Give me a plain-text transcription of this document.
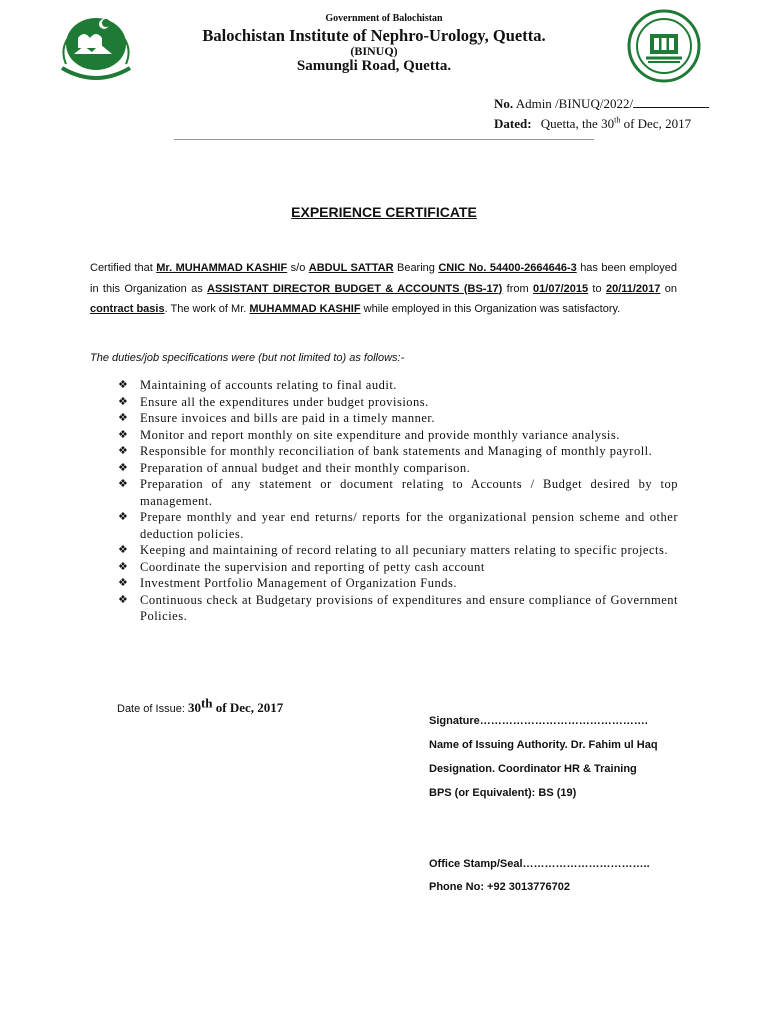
Government of Balochistan
Balochistan Institute of Nephro-Urology, Quetta.
(BINUQ)
Samungli Road, Quetta.
No. Admin /BINUQ/2022/
Dated: Quetta, the 30th of Dec, 2017
EXPERIENCE CERTIFICATE
Certified that Mr. MUHAMMAD KASHIF s/o ABDUL SATTAR Bearing CNIC No. 54400-2664646-3 has been employed in this Organization as ASSISTANT DIRECTOR BUDGET & ACCOUNTS (BS-17) from 01/07/2015 to 20/11/2017 on contract basis. The work of Mr. MUHAMMAD KASHIF while employed in this Organization was satisfactory.
The duties/job specifications were (but not limited to) as follows:-
❖ Maintaining of accounts relating to final audit.
❖ Ensure all the expenditures under budget provisions.
❖ Ensure invoices and bills are paid in a timely manner.
❖ Monitor and report monthly on site expenditure and provide monthly variance analysis.
❖ Responsible for monthly reconciliation of bank statements and Managing of monthly payroll.
❖ Preparation of annual budget and their monthly comparison.
❖ Preparation of any statement or document relating to Accounts / Budget desired by top management.
❖ Prepare monthly and year end returns/ reports for the organizational pension scheme and other deduction policies.
❖ Keeping and maintaining of record relating to all pecuniary matters relating to specific projects.
❖ Coordinate the supervision and reporting of petty cash account
❖ Investment Portfolio Management of Organization Funds.
❖ Continuous check at Budgetary provisions of expenditures and ensure compliance of Government Policies.
Date of Issue: 30th of Dec, 2017
Signature……………………………………….
Name of Issuing Authority. Dr. Fahim ul Haq
Designation. Coordinator HR & Training
BPS (or Equivalent): BS (19)
Office Stamp/Seal……………………………..
Phone No: +92 3013776702
